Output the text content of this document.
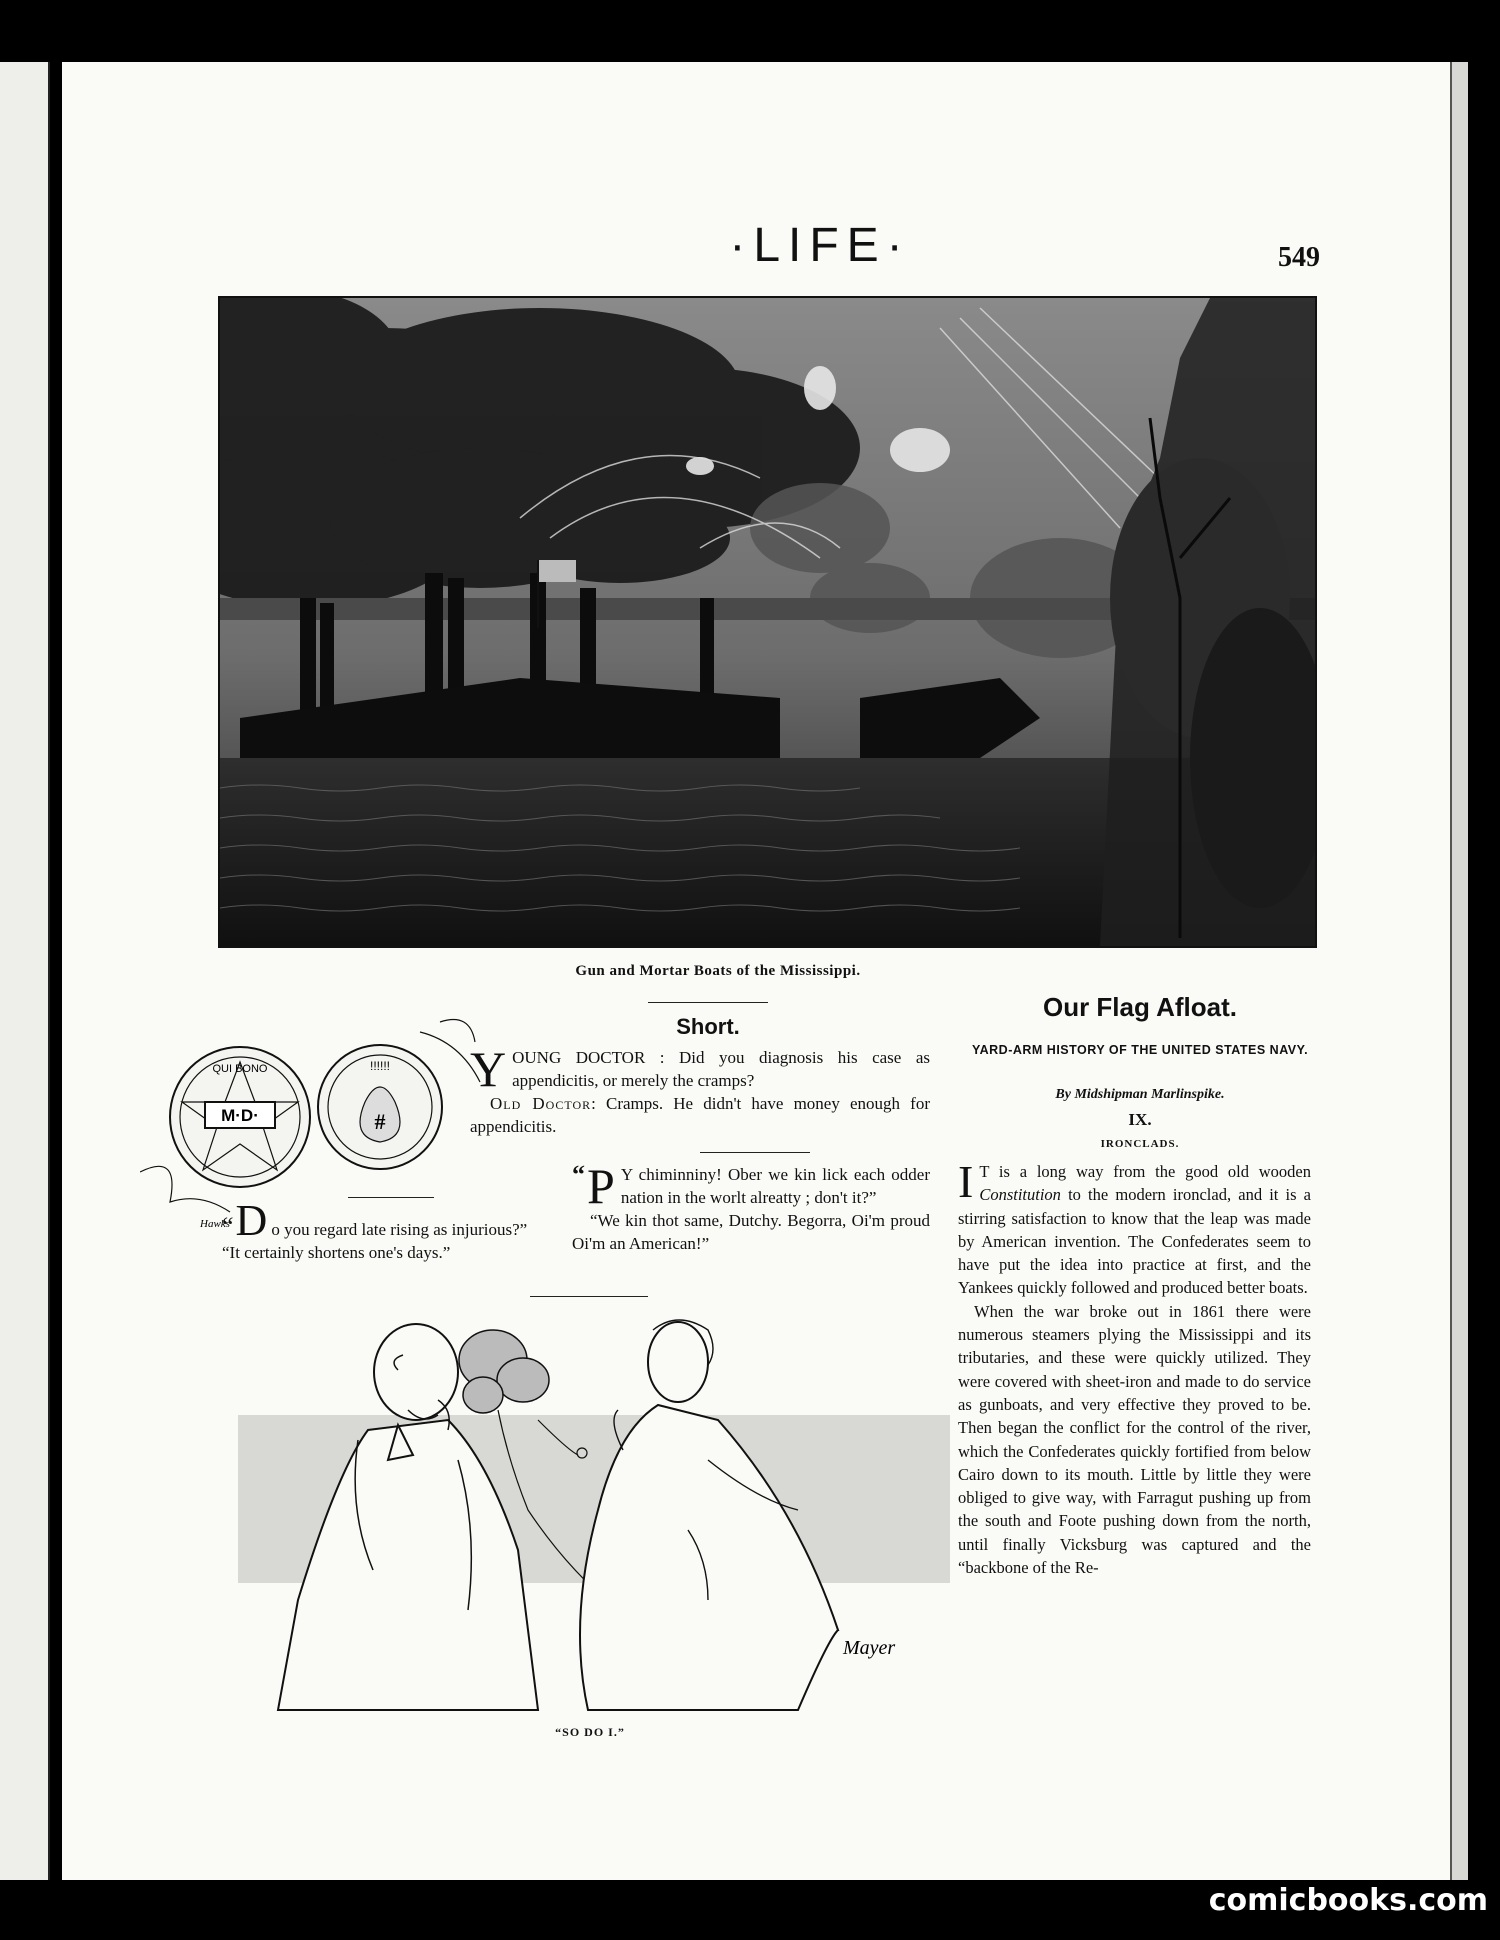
·LIFE·	549
Gun and Mortar Boats of the Mississippi.
Short.
YOUNG DOCTOR : Did you diagnosis his case as appendicitis, or merely the cramps?
Old Doctor: Cramps. He didn't have money enough for appendicitis.
M·D·
QUI BONO	!!!!!!
#
Hawks
“D o you regard late rising as injurious?”
“It certainly shortens one's days.”
“ P Y chiminniny! Ober we kin lick each odder nation in the worlt alreatty ; don't it?”
“We kin thot same, Dutchy. Begorra, Oi'm proud Oi'm an American!”
Mayer
“SO DO I.”
Our Flag Afloat.
YARD-ARM HISTORY OF THE UNITED STATES NAVY.
By Midshipman Marlinspike.
IX.
IRONCLADS.

I T is a long way from the good old wooden Constitution to the modern ironclad, and it is a stirring satisfaction to know that the leap was made by American invention. The Confederates seem to have put the idea into practice at first, and the Yankees quickly followed and produced better boats.

When the war broke out in 1861 there were numerous steamers plying the Mississippi and its tributaries, and these were quickly utilized. They were covered with sheet-iron and made to do service as gunboats, and very effective they proved to be. Then began the conflict for the control of the river, which the Confederates quickly fortified from below Cairo down to its mouth. Little by little they were obliged to give way, with Farragut pushing up from the south and Foote pushing down from the north, until finally Vicksburg was captured and the “backbone of the Re-

comicbooks.com
